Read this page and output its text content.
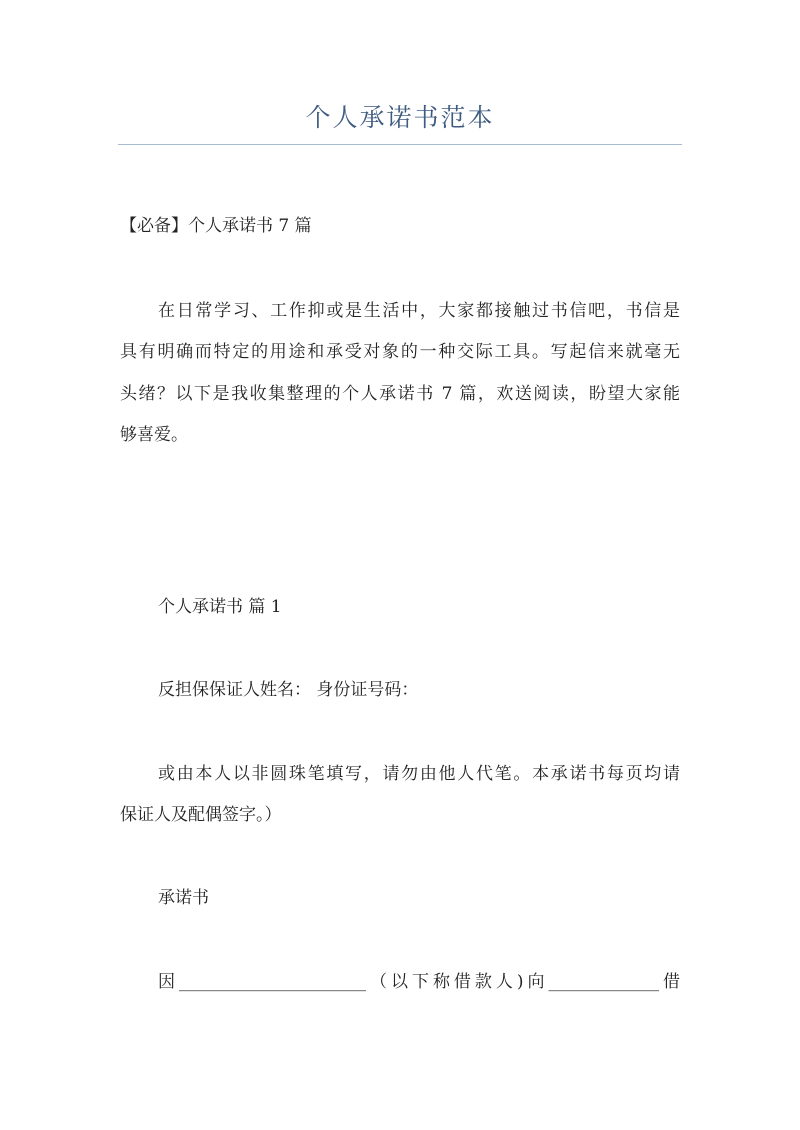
个人承诺书范本
【必备】个人承诺书 7 篇
在日常学习、工作抑或是生活中，大家都接触过书信吧，书信是
具有明确而特定的用途和承受对象的一种交际工具。写起信来就毫无
头绪？以下是我收集整理的个人承诺书 7 篇，欢送阅读，盼望大家能
够喜爱。
个人承诺书 篇 1
反担保保证人姓名： 身份证号码：
或由本人以非圆珠笔填写，请勿由他人代笔。本承诺书每页均请
保证人及配偶签字。）
承诺书
因______________________（以下称借款人)向_____________借
